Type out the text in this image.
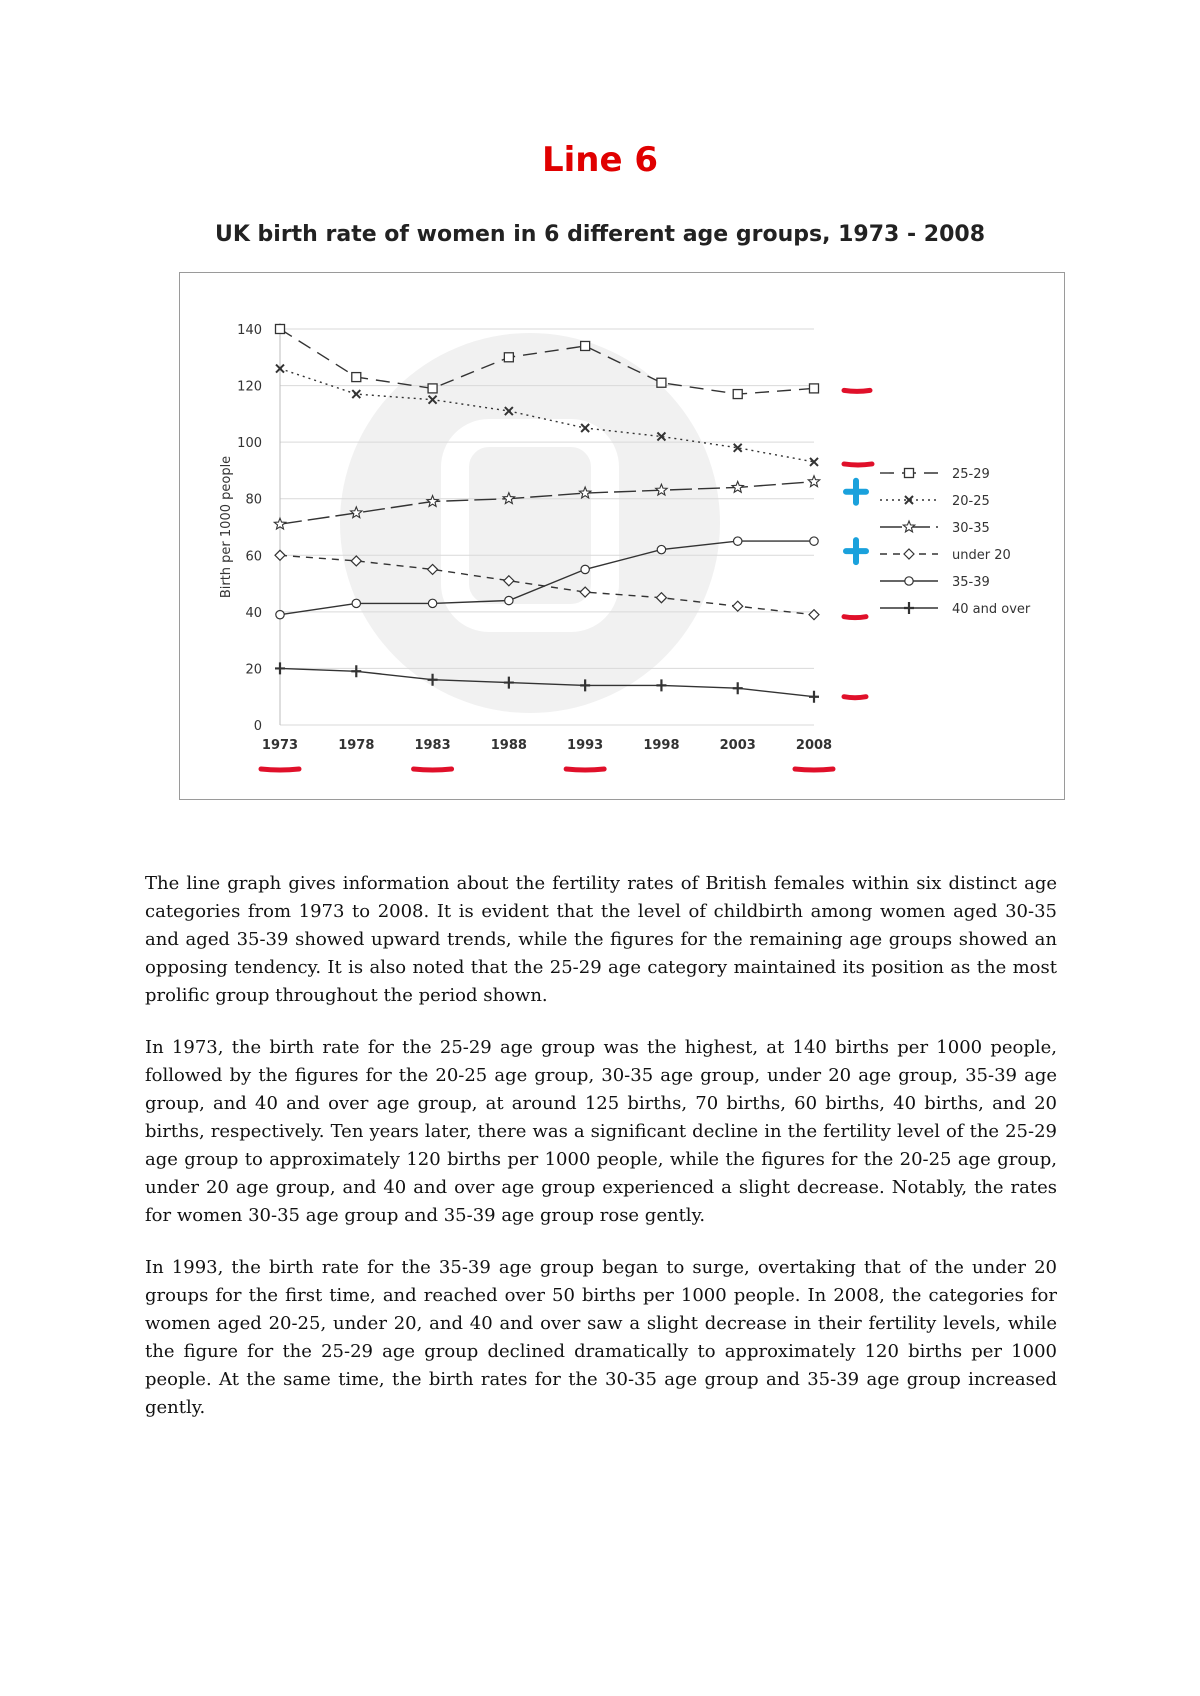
Line 6
UK birth rate of women in 6 different age groups, 1973 - 2008
0
20
40
60
80
100
120
140
1973	1978	1983	1988	1993	1998	2003	2008
Birth per 1000 people	25-29
20-25
30-35
under 20
35-39
40 and over

The line graph gives information about the fertility rates of British females within six distinct age categories from 1973 to 2008. It is evident that the level of childbirth among women aged 30-35 and aged 35-39 showed upward trends, while the figures for the remaining age groups showed an opposing tendency. It is also noted that the 25-29 age category maintained its position as the most prolific group throughout the period shown.

In 1973, the birth rate for the 25-29 age group was the highest, at 140 births per 1000 people, followed by the figures for the 20-25 age group, 30-35 age group, under 20 age group, 35-39 age group, and 40 and over age group, at around 125 births, 70 births, 60 births, 40 births, and 20 births, respectively. Ten years later, there was a significant decline in the fertility level of the 25-29 age group to approximately 120 births per 1000 people, while the figures for the 20-25 age group, under 20 age group, and 40 and over age group experienced a slight decrease. Notably, the rates for women 30-35 age group and 35-39 age group rose gently.

In 1993, the birth rate for the 35-39 age group began to surge, overtaking that of the under 20 groups for the first time, and reached over 50 births per 1000 people. In 2008, the categories for women aged 20-25, under 20, and 40 and over saw a slight decrease in their fertility levels, while the figure for the 25-29 age group declined dramatically to approximately 120 births per 1000 people. At the same time, the birth rates for the 30-35 age group and 35-39 age group increased gently.
